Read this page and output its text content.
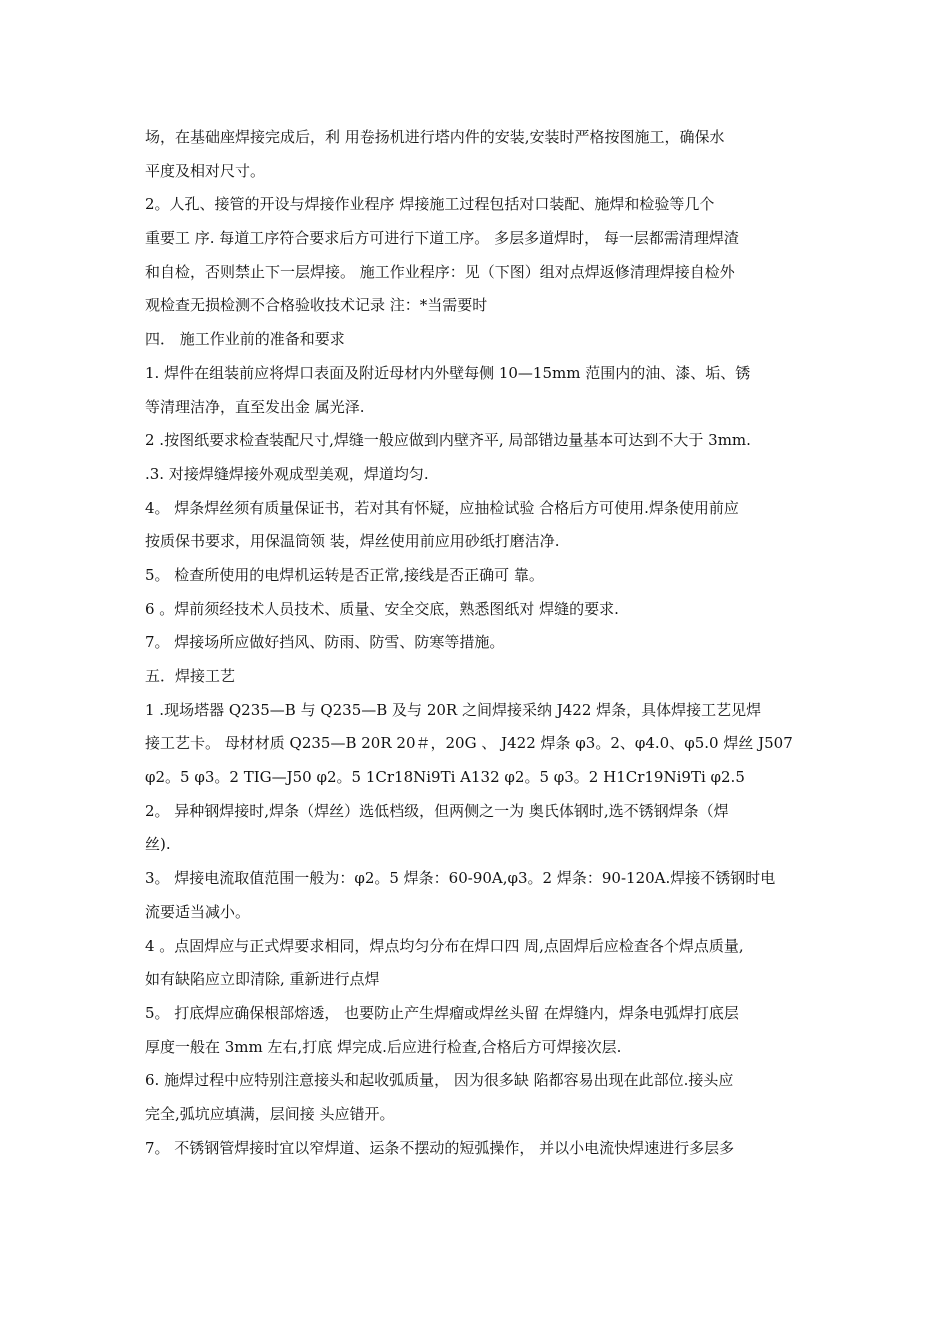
场，在基础座焊接完成后，利 用卷扬机进行塔内件的安装,安装时严格按图施工，确保水
平度及相对尺寸。
2。人孔、接管的开设与焊接作业程序 焊接施工过程包括对口装配、施焊和检验等几个
重要工 序. 每道工序符合要求后方可进行下道工序。 多层多道焊时， 每一层都需清理焊渣
和自检，否则禁止下一层焊接。 施工作业程序：见（下图）组对点焊返修清理焊接自检外
观检查无损检测不合格验收技术记录 注：*当需要时
四． 施工作业前的准备和要求
1. 焊件在组装前应将焊口表面及附近母材内外壁每侧 10—15mm 范围内的油、漆、垢、锈
等清理洁净，直至发出金 属光泽.
2 .按图纸要求检查装配尺寸,焊缝一般应做到内壁齐平, 局部错边量基本可达到不大于 3mm.
.3. 对接焊缝焊接外观成型美观，焊道均匀.
4。 焊条焊丝须有质量保证书，若对其有怀疑，应抽检试验 合格后方可使用.焊条使用前应
按质保书要求，用保温筒领 装，焊丝使用前应用砂纸打磨洁净.
5。 检查所使用的电焊机运转是否正常,接线是否正确可 靠。
6 。焊前须经技术人员技术、质量、安全交底，熟悉图纸对 焊缝的要求.
7。 焊接场所应做好挡风、防雨、防雪、防寒等措施。
五．焊接工艺
1 .现场塔器 Q235—B 与 Q235—B 及与 20R 之间焊接采纳 J422 焊条，具体焊接工艺见焊
接工艺卡。 母材材质 Q235—B 20R 20＃，20G 、 J422 焊条 φ3。2、φ4.0、φ5.0 焊丝 J507
φ2。5 φ3。2 TIG—J50 φ2。5 1Cr18Ni9Ti A132 φ2。5 φ3。2 H1Cr19Ni9Ti φ2.5
2。 异种钢焊接时,焊条（焊丝）选低档级，但两侧之一为 奥氏体钢时,选不锈钢焊条（焊
丝).
3。 焊接电流取值范围一般为：φ2。5 焊条：60-90A,φ3。2 焊条：90-120A.焊接不锈钢时电
流要适当减小。
4 。点固焊应与正式焊要求相同，焊点均匀分布在焊口四 周,点固焊后应检查各个焊点质量,
如有缺陷应立即清除, 重新进行点焊
5。 打底焊应确保根部熔透， 也要防止产生焊瘤或焊丝头留 在焊缝内，焊条电弧焊打底层
厚度一般在 3mm 左右,打底 焊完成.后应进行检查,合格后方可焊接次层.
6. 施焊过程中应特别注意接头和起收弧质量， 因为很多缺 陷都容易出现在此部位.接头应
完全,弧坑应填满，层间接 头应错开。
7。 不锈钢管焊接时宜以窄焊道、运条不摆动的短弧操作， 并以小电流快焊速进行多层多
